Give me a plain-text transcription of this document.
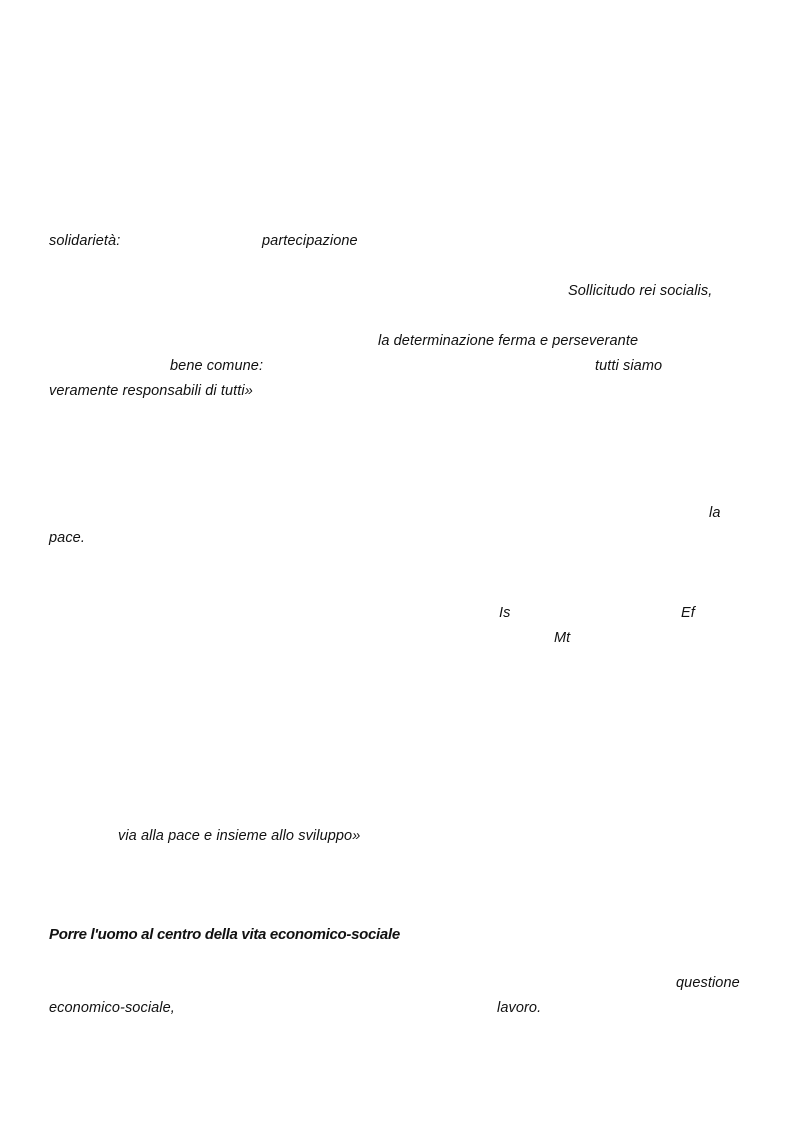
solidarietà:	partecipazione
Sollicitudo rei socialis,
la determinazione ferma e perseverante
bene comune:	tutti siamo
veramente responsabili di tutti»
la
pace.
Is	Ef
Mt
via alla pace e insieme allo sviluppo»
Porre l'uomo al centro della vita economico-sociale
questione
economico-sociale,	lavoro.
